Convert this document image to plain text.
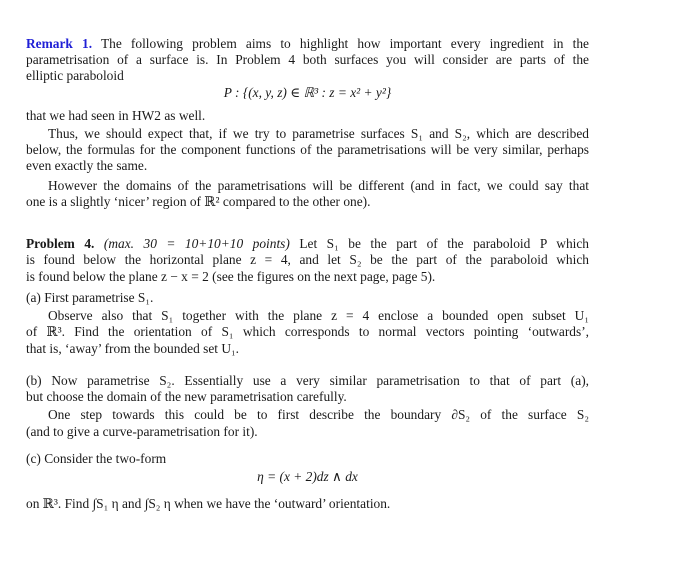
Remark 1. The following problem aims to highlight how important every ingredient in the
parametrisation of a surface is. In Problem 4 both surfaces you will consider are parts of the
elliptic paraboloid
P : {(x, y, z) ∈ ℝ³ : z = x² + y²}
that we had seen in HW2 as well.
Thus, we should expect that, if we try to parametrise surfaces S₁ and S₂, which are described
below, the formulas for the component functions of the parametrisations will be very similar, perhaps
even exactly the same.
However the domains of the parametrisations will be different (and in fact, we could say that
one is a slightly ‘nicer’ region of ℝ² compared to the other one).
Problem 4. (max. 30 = 10+10+10 points) Let S₁ be the part of the paraboloid P which
is found below the horizontal plane z = 4, and let S₂ be the part of the paraboloid which
is found below the plane z − x = 2 (see the figures on the next page, page 5).
(a) First parametrise S₁.
Observe also that S₁ together with the plane z = 4 enclose a bounded open subset U₁
of ℝ³. Find the orientation of S₁ which corresponds to normal vectors pointing ‘outwards’,
that is, ‘away’ from the bounded set U₁.
(b) Now parametrise S₂. Essentially use a very similar parametrisation to that of part (a),
but choose the domain of the new parametrisation carefully.
One step towards this could be to first describe the boundary ∂S₂ of the surface S₂
(and to give a curve-parametrisation for it).
(c) Consider the two-form
η = (x + 2)dz ∧ dx
on ℝ³. Find ∫S₁ η and ∫S₂ η when we have the ‘outward’ orientation.
